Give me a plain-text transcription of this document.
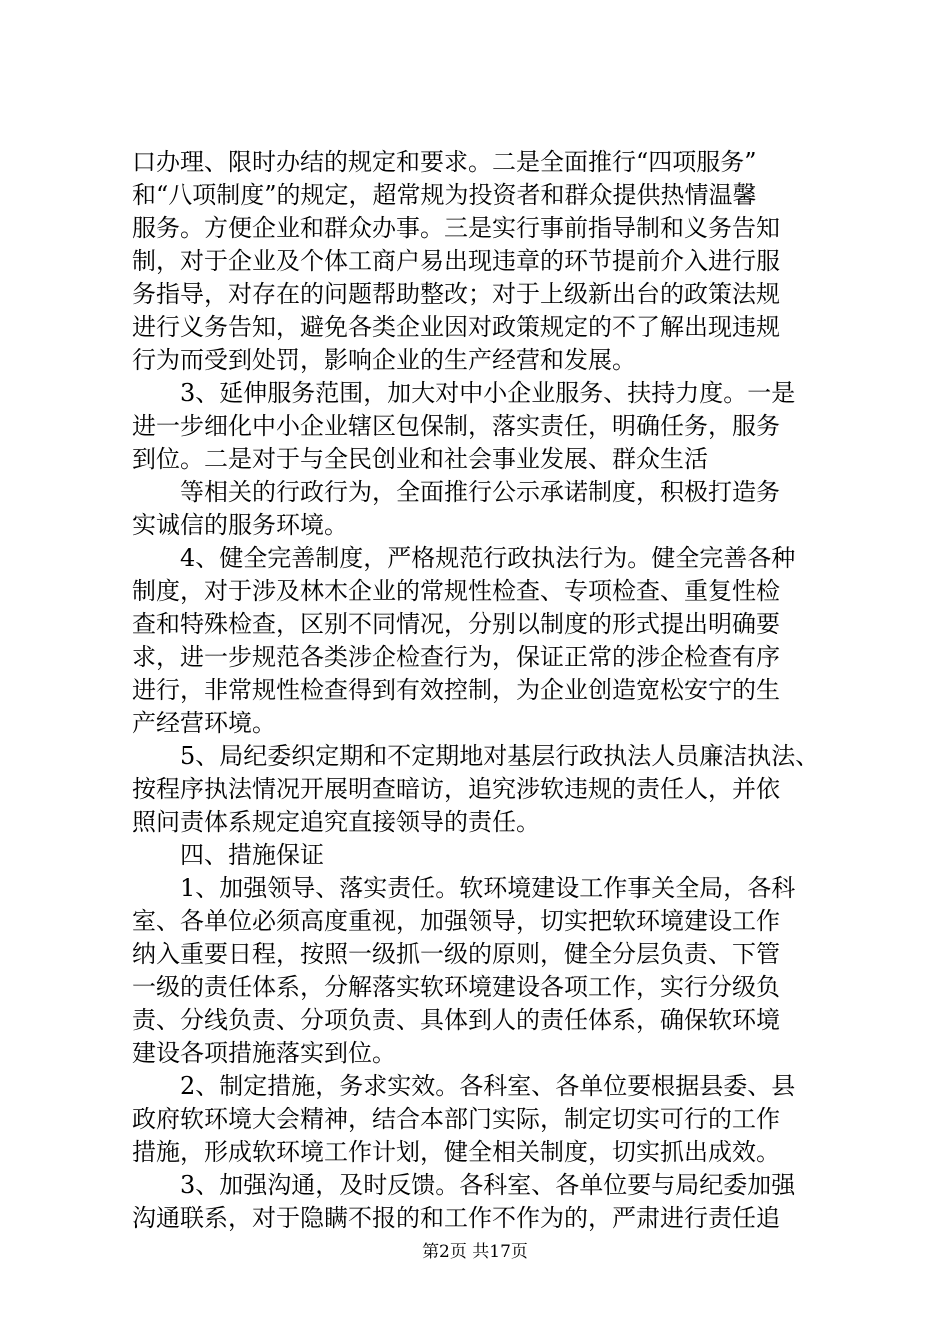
口办理、限时办结的规定和要求。二是全面推行“四项服务”
和“八项制度”的规定，超常规为投资者和群众提供热情温馨
服务。方便企业和群众办事。三是实行事前指导制和义务告知
制，对于企业及个体工商户易出现违章的环节提前介入进行服
务指导，对存在的问题帮助整改；对于上级新出台的政策法规
进行义务告知，避免各类企业因对政策规定的不了解出现违规
行为而受到处罚，影响企业的生产经营和发展。
3、延伸服务范围，加大对中小企业服务、扶持力度。一是
进一步细化中小企业辖区包保制，落实责任，明确任务，服务
到位。二是对于与全民创业和社会事业发展、群众生活
等相关的行政行为，全面推行公示承诺制度，积极打造务
实诚信的服务环境。
4、健全完善制度，严格规范行政执法行为。健全完善各种
制度，对于涉及林木企业的常规性检查、专项检查、重复性检
查和特殊检查，区别不同情况，分别以制度的形式提出明确要
求，进一步规范各类涉企检查行为，保证正常的涉企检查有序
进行，非常规性检查得到有效控制，为企业创造宽松安宁的生
产经营环境。
5、局纪委织定期和不定期地对基层行政执法人员廉洁执法、
按程序执法情况开展明查暗访，追究涉软违规的责任人，并依
照问责体系规定追究直接领导的责任。
四、措施保证
1、加强领导、落实责任。软环境建设工作事关全局，各科
室、各单位必须高度重视，加强领导，切实把软环境建设工作
纳入重要日程，按照一级抓一级的原则，健全分层负责、下管
一级的责任体系，分解落实软环境建设各项工作，实行分级负
责、分线负责、分项负责、具体到人的责任体系，确保软环境
建设各项措施落实到位。
2、制定措施，务求实效。各科室、各单位要根据县委、县
政府软环境大会精神，结合本部门实际，制定切实可行的工作
措施，形成软环境工作计划，健全相关制度，切实抓出成效。
3、加强沟通，及时反馈。各科室、各单位要与局纪委加强
沟通联系，对于隐瞒不报的和工作不作为的，严肃进行责任追
第2页 共17页
